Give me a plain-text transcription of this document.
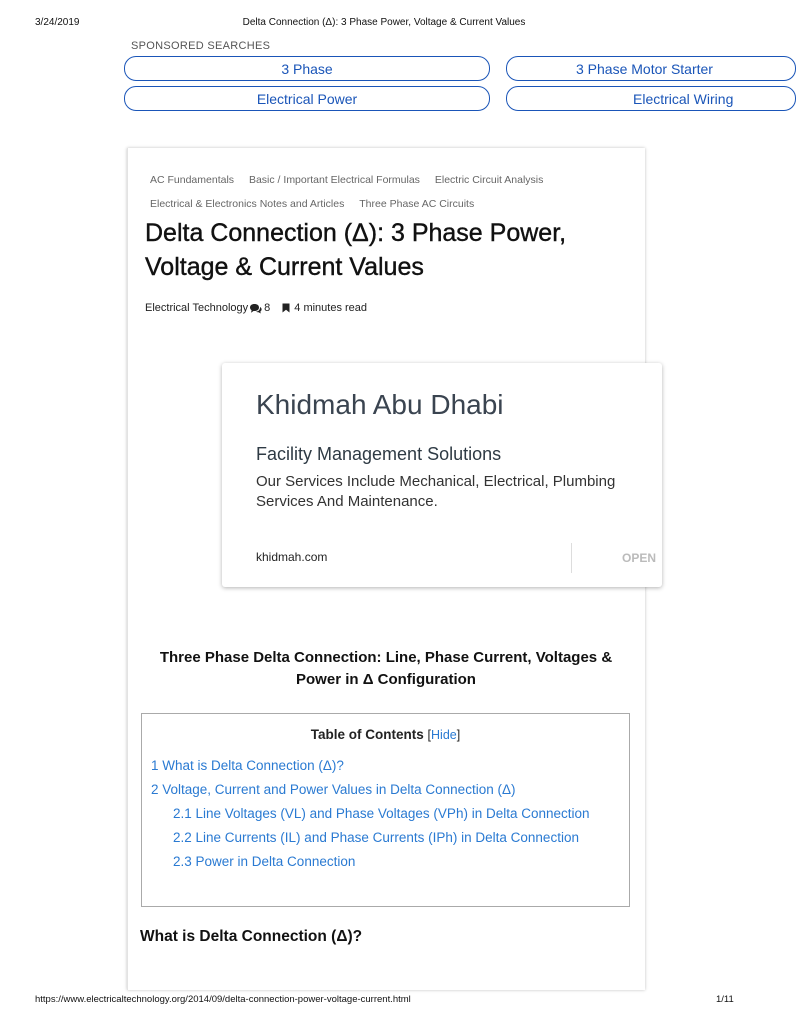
3/24/2019	Delta Connection (Δ): 3 Phase Power, Voltage & Current Values
SPONSORED SEARCHES
3 Phase
Electrical Power
3 Phase Motor Starter
Electrical Wiring
AC Fundamentals Basic / Important Electrical Formulas Electric Circuit Analysis
Electrical & Electronics Notes and Articles Three Phase AC Circuits
Delta Connection (Δ): 3 Phase Power, Voltage & Current Values
Electrical Technology 8 4 minutes read
Khidmah Abu Dhabi
Facility Management Solutions
Our Services Include Mechanical, Electrical, Plumbing Services And Maintenance.
khidmah.com	OPEN
Three Phase Delta Connection: Line, Phase Current, Voltages & Power in Δ Configuration
Table of Contents [Hide]
1 What is Delta Connection (Δ)?
2 Voltage, Current and Power Values in Delta Connection (Δ)
2.1 Line Voltages (VL) and Phase Voltages (VPh) in Delta Connection
2.2 Line Currents (IL) and Phase Currents (IPh) in Delta Connection
2.3 Power in Delta Connection
What is Delta Connection (Δ)?
https://www.electricaltechnology.org/2014/09/delta-connection-power-voltage-current.html	1/11
